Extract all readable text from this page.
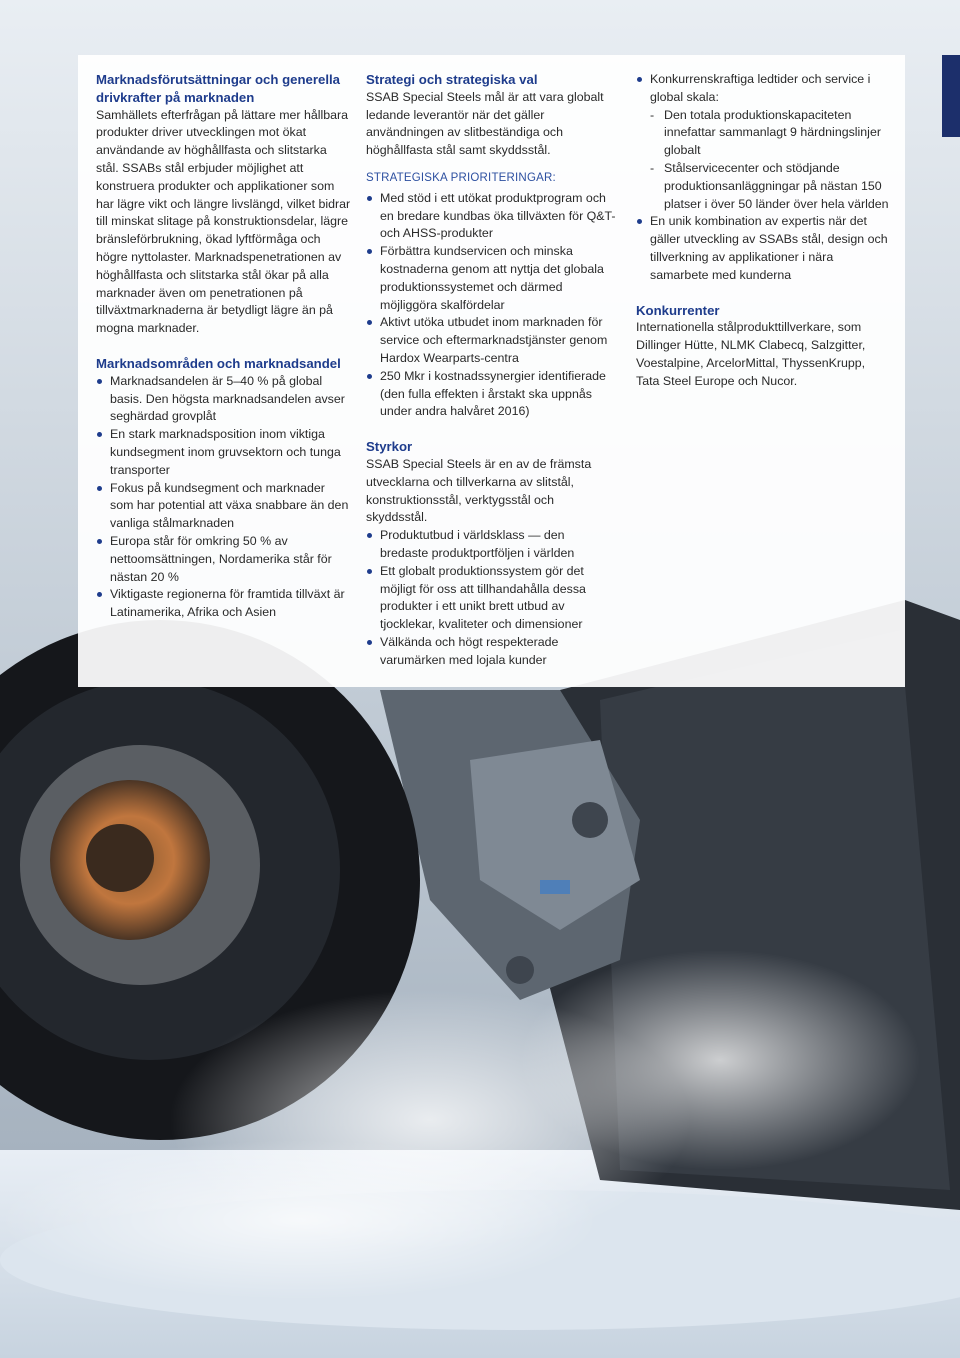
Marknadsförutsättningar och generella drivkrafter på marknaden

Samhällets efterfrågan på lättare mer hållbara produkter driver utvecklingen mot ökat användande av höghållfasta och slitstarka stål. SSABs stål erbjuder möjlighet att konstruera produkter och applikationer som har lägre vikt och längre livslängd, vilket bidrar till minskat slitage på konstruktionsdelar, lägre bränsleförbrukning, ökad lyftförmåga och högre nyttolaster. Marknadspenetrationen av höghållfasta och slitstarka stål ökar på alla marknader även om penetrationen på tillväxtmarknaderna är betydligt lägre än på mogna marknader.

Marknadsområden och marknadsandel
Marknadsandelen är 5–40 % på global basis. Den högsta marknadsandelen avser seghärdad grovplåt
En stark marknadsposition inom viktiga kundsegment inom gruvsektorn och tunga transporter
Fokus på kundsegment och marknader som har potential att växa snabbare än den vanliga stålmarknaden
Europa står för omkring 50 % av nettoomsättningen, Nordamerika står för nästan 20 %
Viktigaste regionerna för framtida tillväxt är Latinamerika, Afrika och Asien
Strategi och strategiska val

SSAB Special Steels mål är att vara globalt ledande leverantör när det gäller användningen av slitbeständiga och höghållfasta stål samt skyddsstål.

STRATEGISKA PRIORITERINGAR:
Med stöd i ett utökat produktprogram och en bredare kundbas öka tillväxten för Q&T- och AHSS-produkter
Förbättra kundservicen och minska kostnaderna genom att nyttja det globala produktionssystemet och därmed möjliggöra skalfördelar
Aktivt utöka utbudet inom marknaden för service och eftermarknadstjänster genom Hardox Wearparts-centra
250 Mkr i kostnadssynergier identifierade (den fulla effekten i årstakt ska uppnås under andra halvåret 2016)
Styrkor

SSAB Special Steels är en av de främsta utvecklarna och tillverkarna av slitstål, konstruktionsstål, verktygsstål och skyddsstål.

Produktutbud i världsklass — den bredaste produktportföljen i världen
Ett globalt produktionssystem gör det möjligt för oss att tillhandahålla dessa produkter i ett unikt brett utbud av tjocklekar, kvaliteter och dimensioner
Välkända och högt respekterade varumärken med lojala kunder
Konkurrenskraftiga ledtider och service i global skala:
- Den totala produktionskapaciteten innefattar sammanlagt 9 härdningslinjer globalt
- Stålservicecenter och stödjande produktionsanläggningar på nästan 150 platser i över 50 länder över hela världen
En unik kombination av expertis när det gäller utveckling av SSABs stål, design och tillverkning av applikationer i nära samarbete med kunderna
Konkurrenter

Internationella stålprodukttillverkare, som Dillinger Hütte, NLMK Clabecq, Salzgitter, Voestalpine, ArcelorMittal, ThyssenKrupp, Tata Steel Europe och Nucor.
